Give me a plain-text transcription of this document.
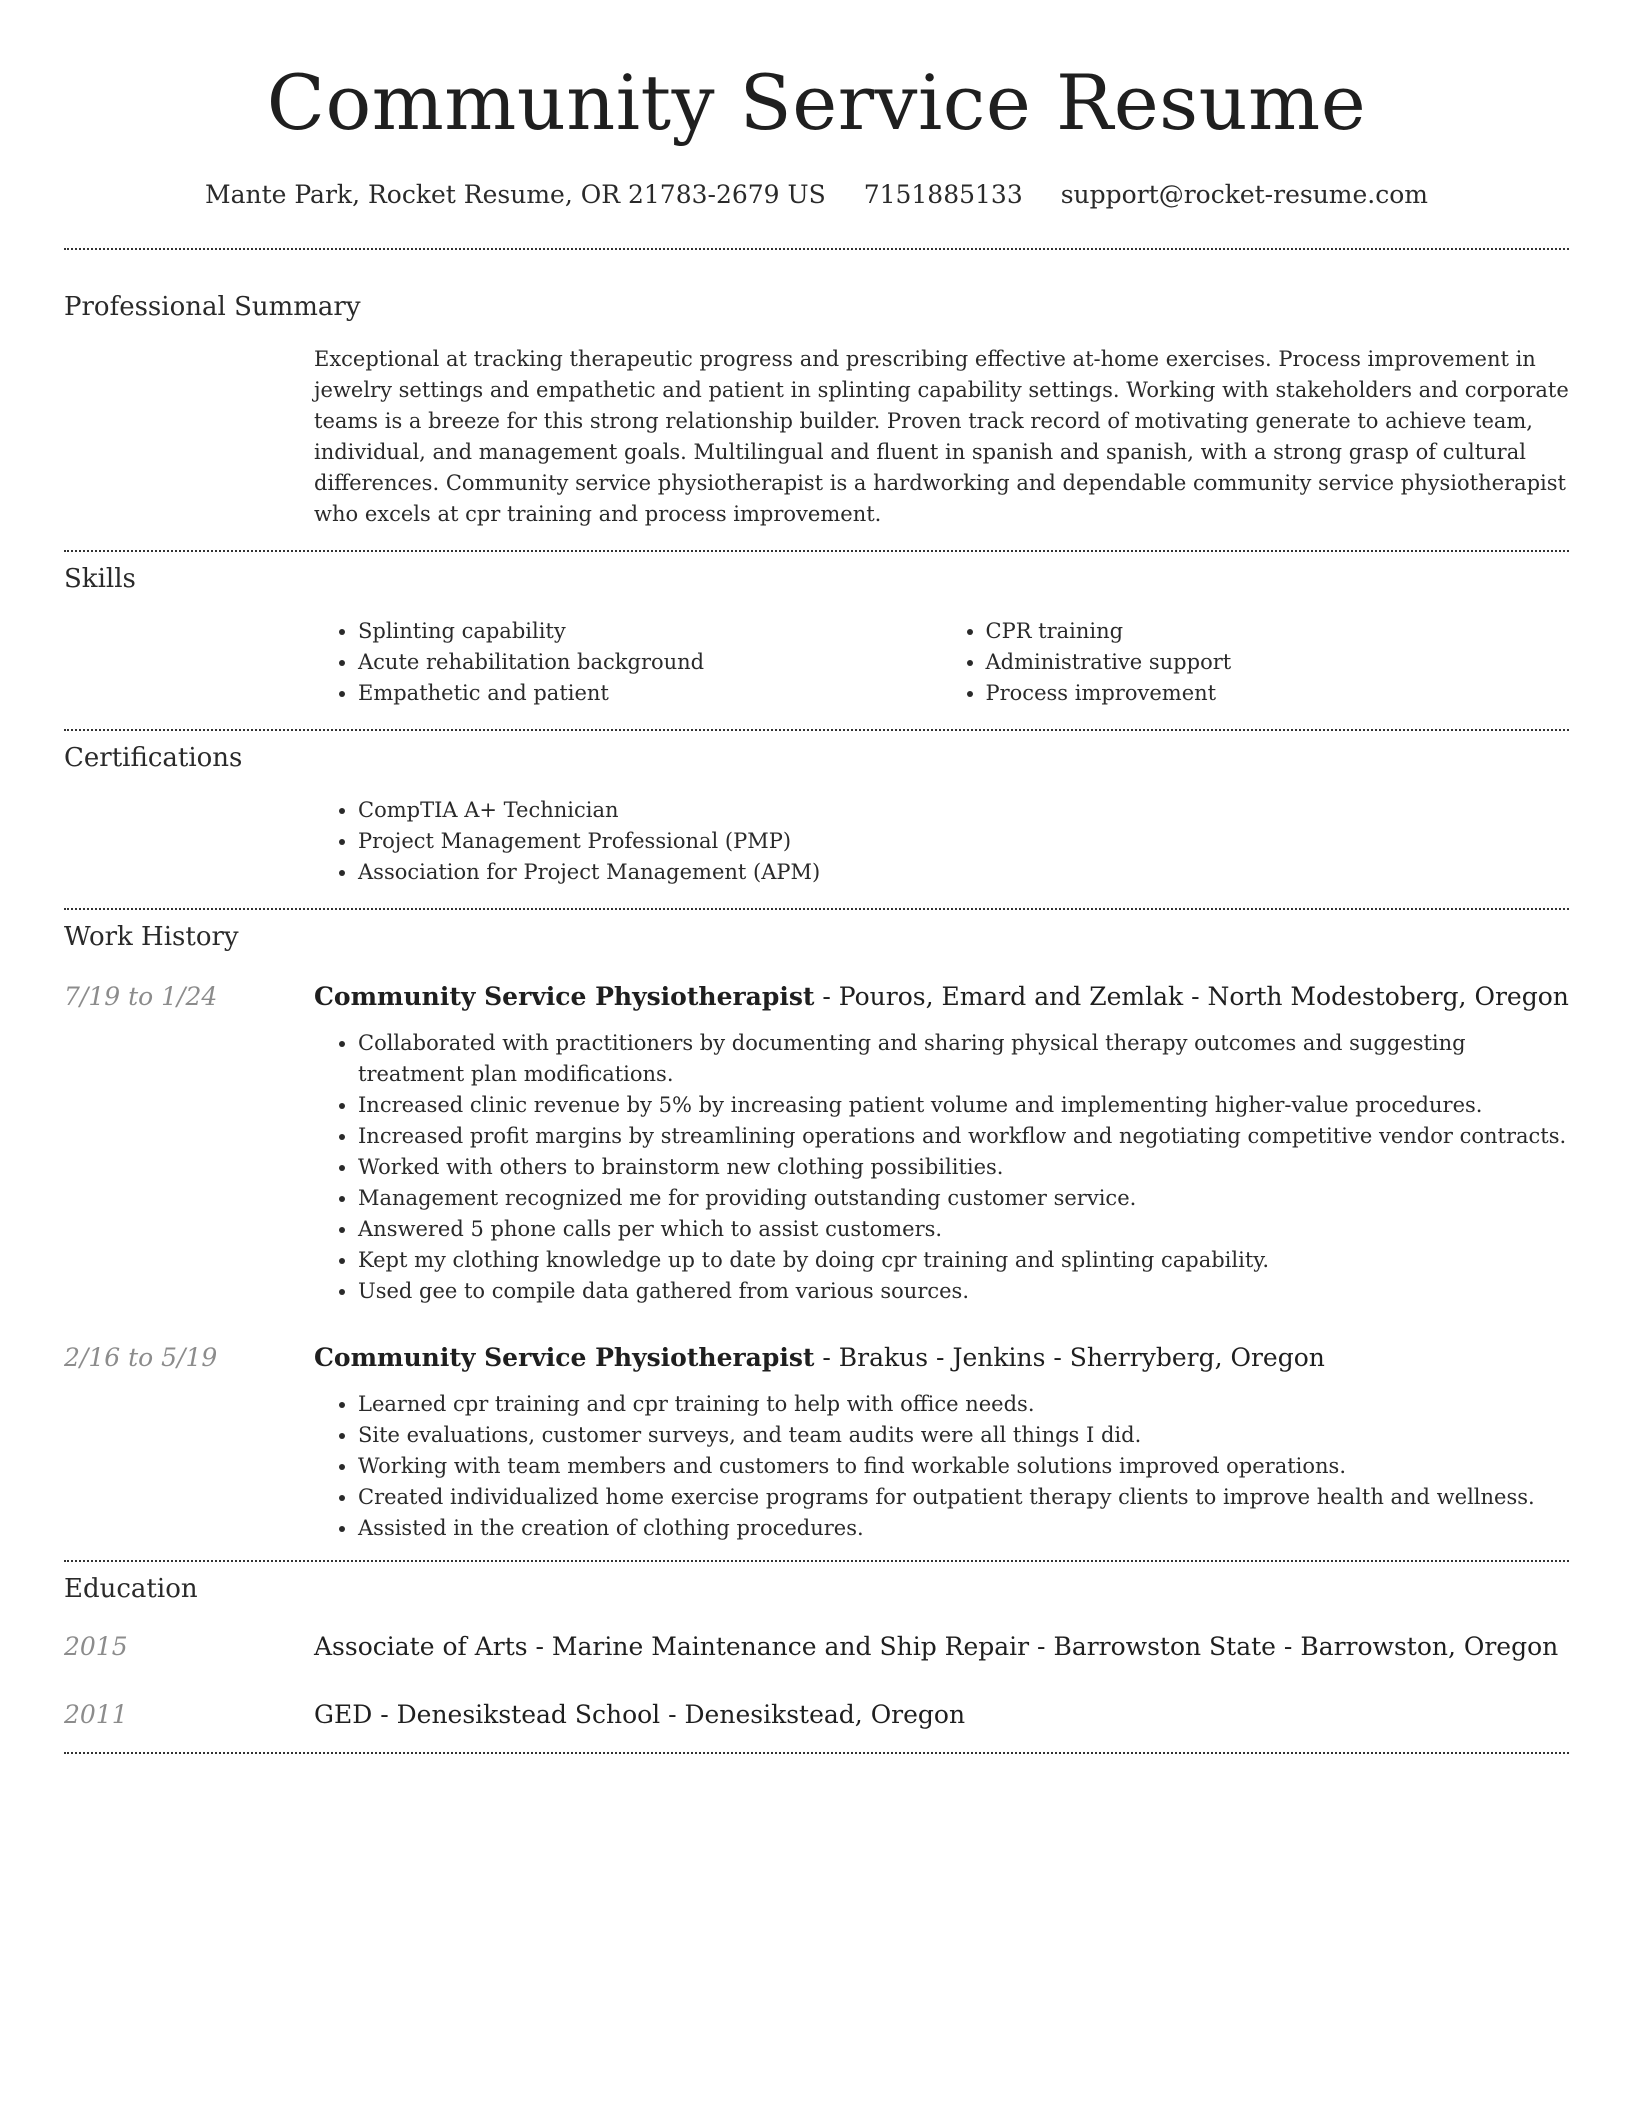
Community Service Resume
Mante Park, Rocket Resume, OR 21783-2679 US 7151885133 support@rocket-resume.com
Professional Summary

Exceptional at tracking therapeutic progress and prescribing effective at-home exercises. Process improvement in jewelry settings and empathetic and patient in splinting capability settings. Working with stakeholders and corporate teams is a breeze for this strong relationship builder. Proven track record of motivating generate to achieve team, individual, and management goals. Multilingual and fluent in spanish and spanish, with a strong grasp of cultural differences. Community service physiotherapist is a hardworking and dependable community service physiotherapist who excels at cpr training and process improvement.

Skills
• Splinting capability
• Acute rehabilitation background
• Empathetic and patient
• CPR training
• Administrative support
• Process improvement
Certifications
• CompTIA A+ Technician
• Project Management Professional (PMP)
• Association for Project Management (APM)
Work History
7/19 to 1/24	Community Service Physiotherapist - Pouros, Emard and Zemlak - North Modestoberg, Oregon
• Collaborated with practitioners by documenting and sharing physical therapy outcomes and suggesting treatment plan modifications.
• Increased clinic revenue by 5% by increasing patient volume and implementing higher-value procedures.
• Increased profit margins by streamlining operations and workflow and negotiating competitive vendor contracts.
• Worked with others to brainstorm new clothing possibilities.
• Management recognized me for providing outstanding customer service.
• Answered 5 phone calls per which to assist customers.
• Kept my clothing knowledge up to date by doing cpr training and splinting capability.
• Used gee to compile data gathered from various sources.
2/16 to 5/19	Community Service Physiotherapist - Brakus - Jenkins - Sherryberg, Oregon
• Learned cpr training and cpr training to help with office needs.
• Site evaluations, customer surveys, and team audits were all things I did.
• Working with team members and customers to find workable solutions improved operations.
• Created individualized home exercise programs for outpatient therapy clients to improve health and wellness.
• Assisted in the creation of clothing procedures.
Education
2015	Associate of Arts - Marine Maintenance and Ship Repair - Barrowston State - Barrowston, Oregon
2011	GED - Denesikstead School - Denesikstead, Oregon
